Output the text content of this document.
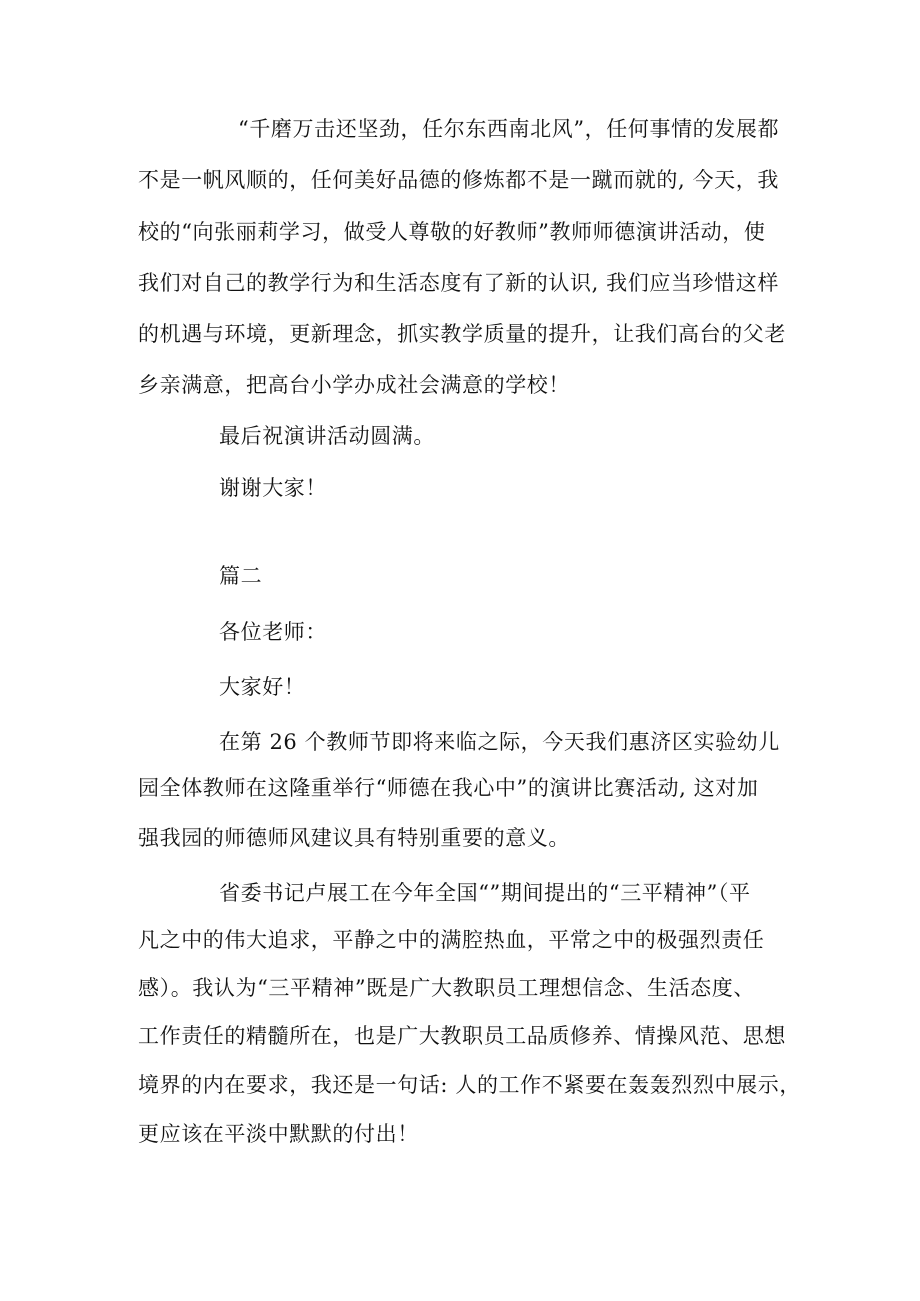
“千磨万击还坚劲，任尔东西南北风”，任何事情的发展都
不是一帆风顺的，任何美好品德的修炼都不是一蹴而就的, 今天，我
校的“向张丽莉学习，做受人尊敬的好教师”教师师德演讲活动，使
我们对自己的教学行为和生活态度有了新的认识, 我们应当珍惜这样
的机遇与环境，更新理念，抓实教学质量的提升，让我们高台的父老
乡亲满意，把高台小学办成社会满意的学校！
最后祝演讲活动圆满。
谢谢大家！
篇二
各位老师：
大家好！
在第 26 个教师节即将来临之际，今天我们惠济区实验幼儿
园全体教师在这隆重举行“师德在我心中”的演讲比赛活动, 这对加
强我园的师德师风建议具有特别重要的意义。
省委书记卢展工在今年全国“”期间提出的“三平精神”（平
凡之中的伟大追求，平静之中的满腔热血，平常之中的极强烈责任
感）。我认为“三平精神”既是广大教职员工理想信念、生活态度、
工作责任的精髓所在，也是广大教职员工品质修养、情操风范、思想
境界的内在要求，我还是一句话: 人的工作不紧要在轰轰烈烈中展示，
更应该在平淡中默默的付出！
